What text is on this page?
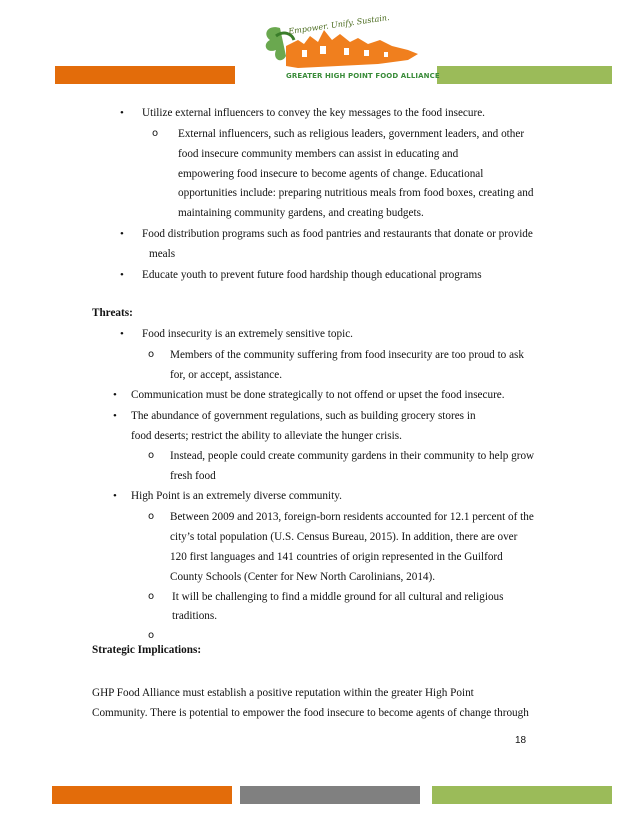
Empower. Unify. Sustain.
GREATER HIGH POINT FOOD ALLIANCE
• Utilize external influencers to convey the key messages to the food insecure.
o External influencers, such as religious leaders, government leaders, and other
food insecure community members can assist in educating and
empowering food insecure to become agents of change. Educational
opportunities include: preparing nutritious meals from food boxes, creating and
maintaining community gardens, and creating budgets.
• Food distribution programs such as food pantries and restaurants that donate or provide
meals
• Educate youth to prevent future food hardship though educational programs
Threats:
• Food insecurity is an extremely sensitive topic.
o Members of the community suffering from food insecurity are too proud to ask
for, or accept, assistance.
• Communication must be done strategically to not offend or upset the food insecure.
• The abundance of government regulations, such as building grocery stores in
food deserts; restrict the ability to alleviate the hunger crisis.
o Instead, people could create community gardens in their community to help grow
fresh food
• High Point is an extremely diverse community.
o Between 2009 and 2013, foreign-born residents accounted for 12.1 percent of the
city’s total population (U.S. Census Bureau, 2015). In addition, there are over
120 first languages and 141 countries of origin represented in the Guilford
County Schools (Center for New North Carolinians, 2014).
o It will be challenging to find a middle ground for all cultural and religious
traditions.
o
Strategic Implications:
GHP Food Alliance must establish a positive reputation within the greater High Point
Community. There is potential to empower the food insecure to become agents of change through
18
